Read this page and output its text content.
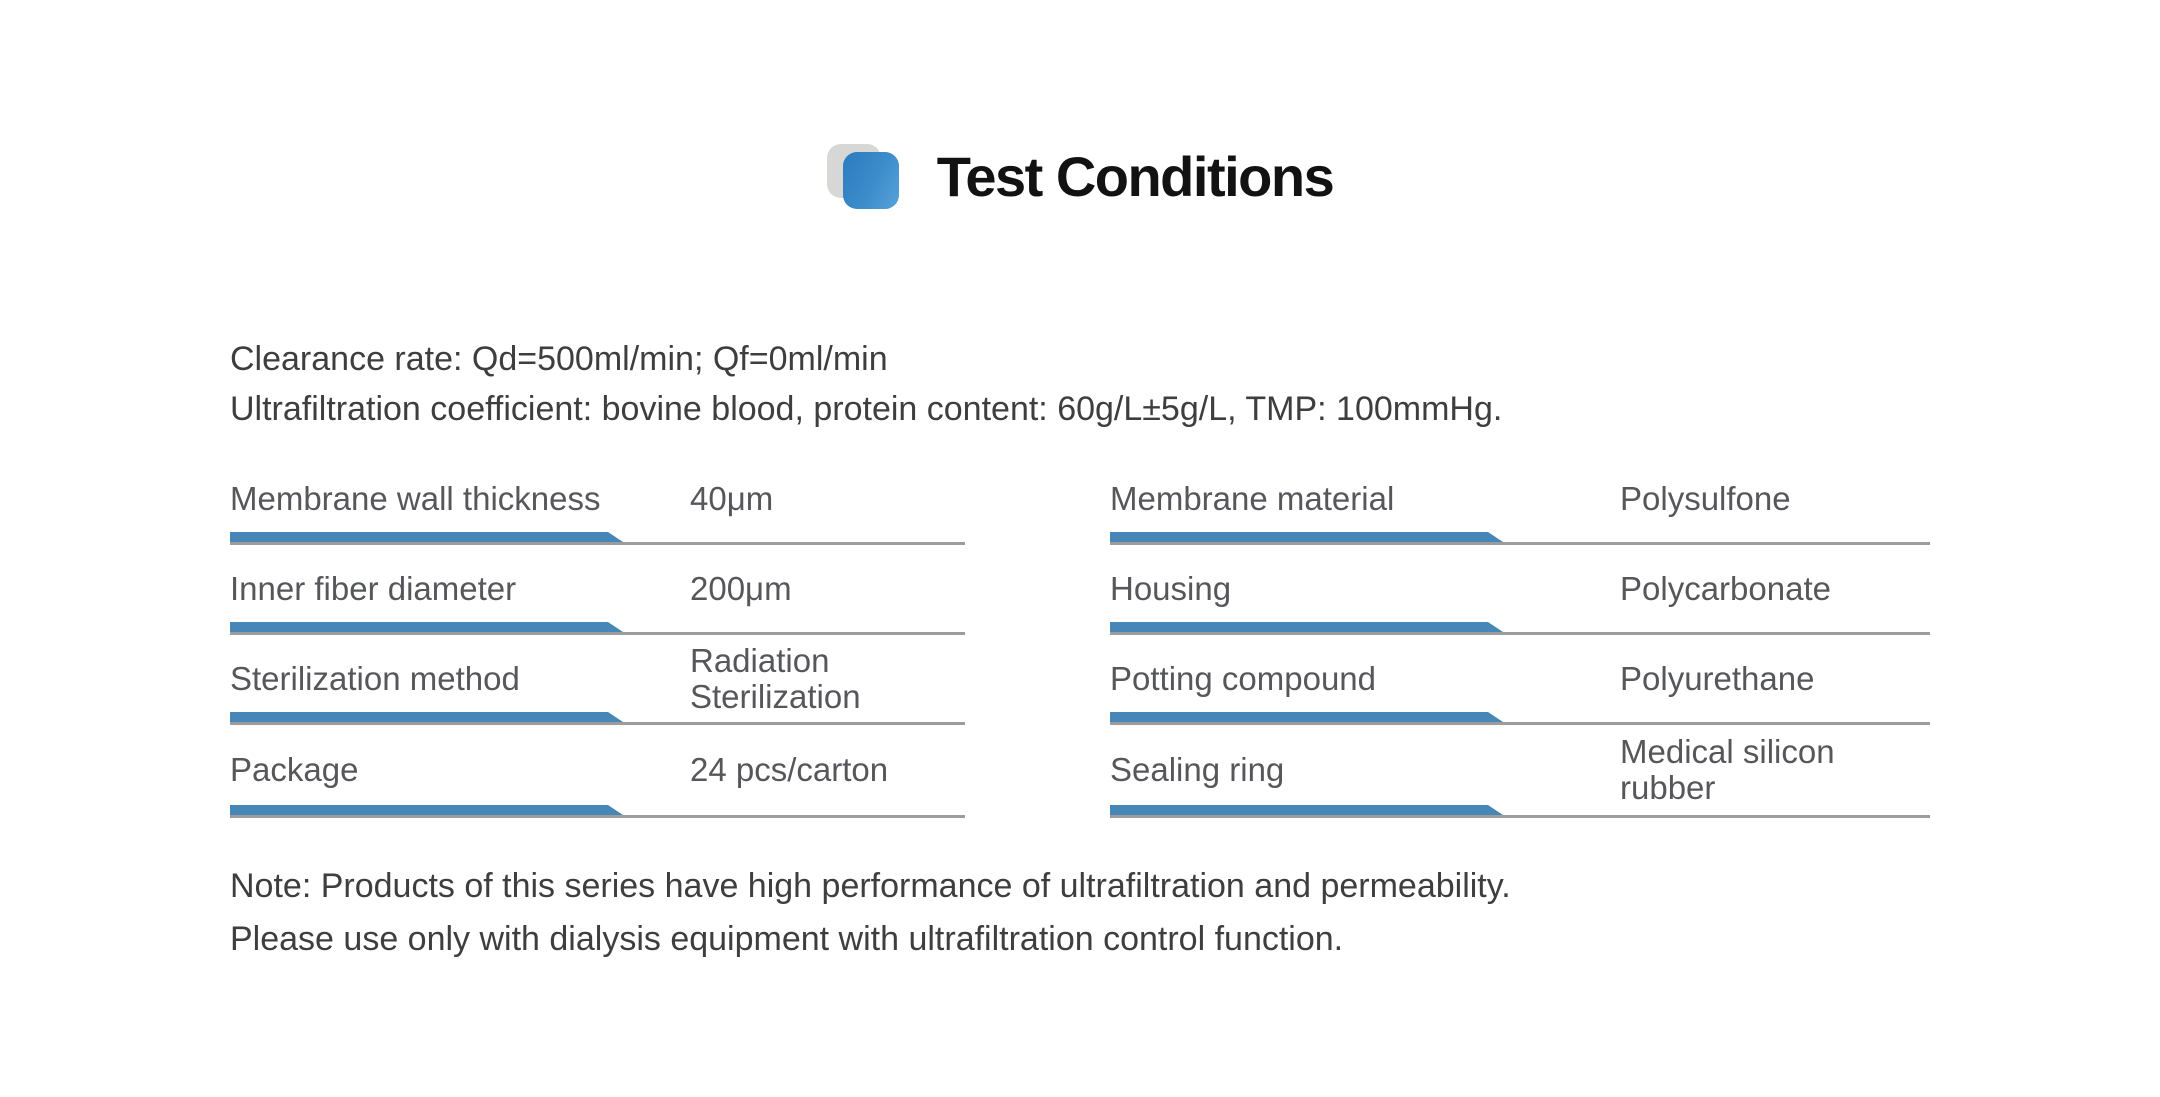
Test Conditions
Clearance rate: Qd=500ml/min; Qf=0ml/min
Ultrafiltration coefficient: bovine blood, protein content: 60g/L±5g/L, TMP: 100mmHg.
Membrane wall thickness	40μm
Inner fiber diameter	200μm
Sterilization method	Radiation Sterilization
Package	24 pcs/carton
Membrane material	Polysulfone
Housing	Polycarbonate
Potting compound	Polyurethane
Sealing ring	Medical silicon rubber
Note: Products of this series have high performance of ultrafiltration and permeability.
Please use only with dialysis equipment with ultrafiltration control function.
